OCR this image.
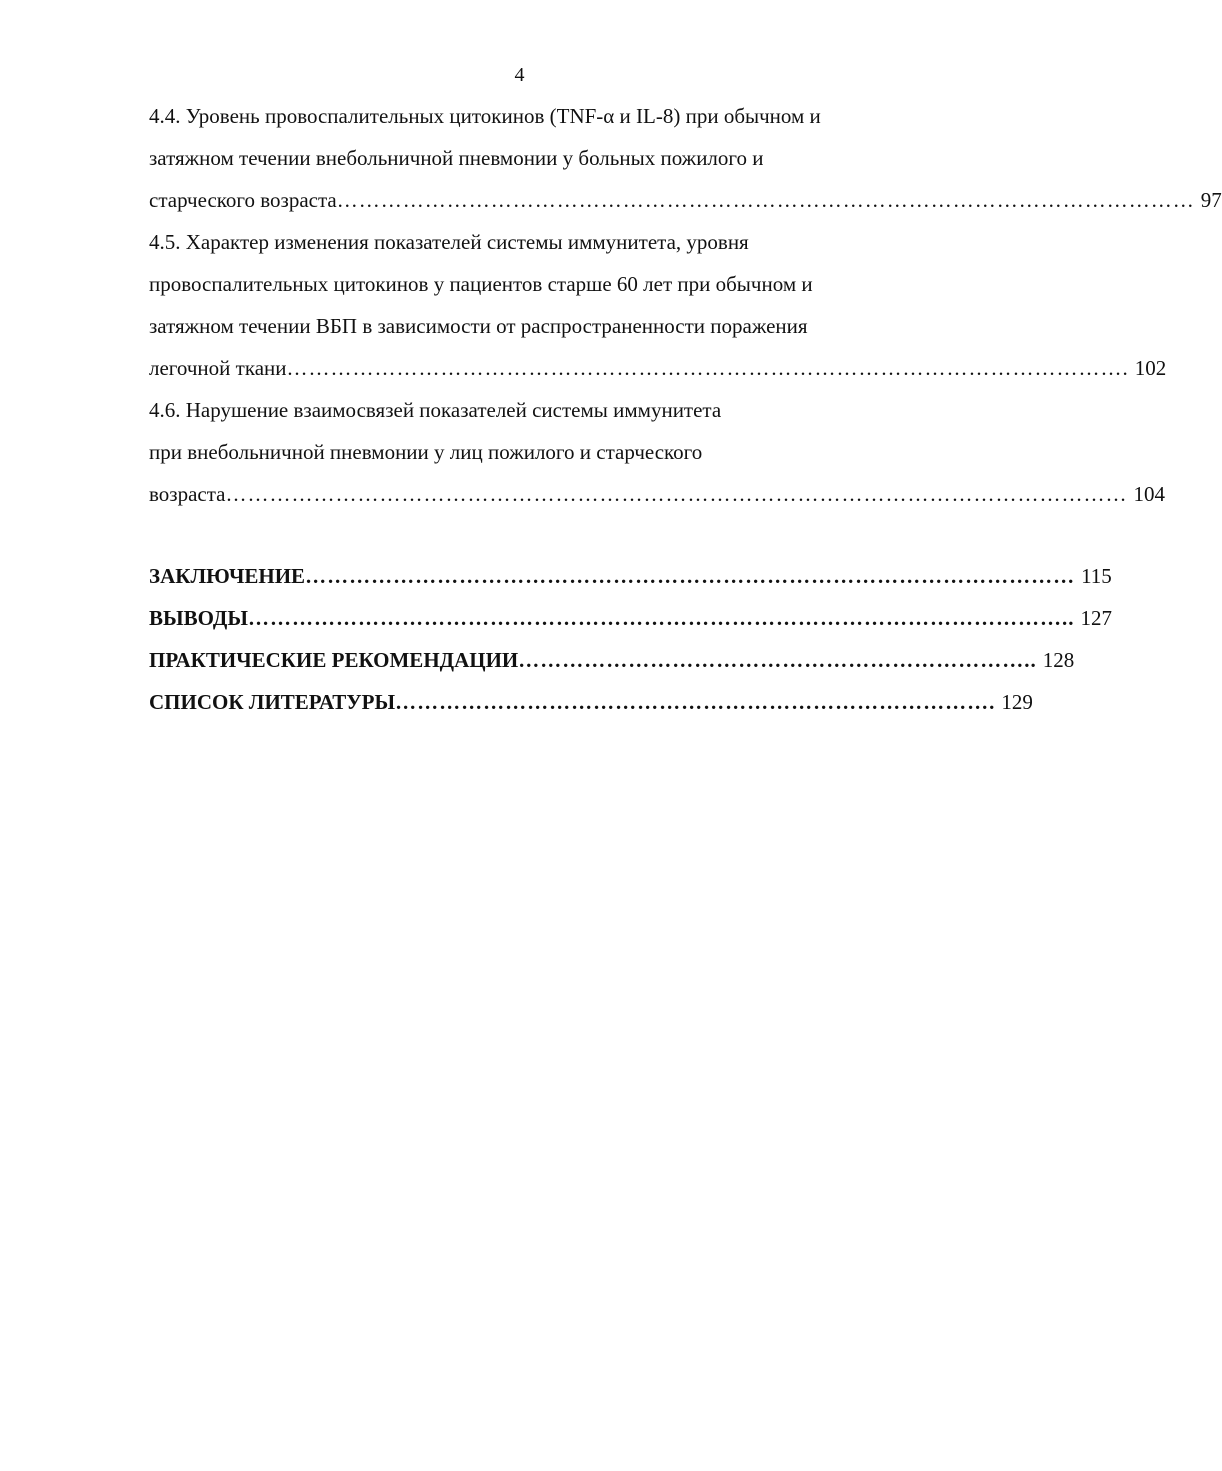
4
4.4. Уровень провоспалительных цитокинов (TNF-α и IL-8) при обычном и
затяжном течении внебольничной пневмонии у больных пожилого и
старческого возраста ……………………………………………………………………………………………………… 97
4.5. Характер изменения показателей системы иммунитета, уровня
провоспалительных цитокинов у пациентов старше 60 лет при обычном и
затяжном течении ВБП в зависимости от распространенности поражения
легочной ткани ……………………………………………………………………………………………………. 102
4.6. Нарушение взаимосвязей показателей системы иммунитета
при внебольничной пневмонии у лиц пожилого и старческого
возраста …………………………………………………………………………………………………………… 104
ЗАКЛЮЧЕНИЕ …………………………………………………………………………………………… 115
ВЫВОДЫ ………………………………………………………………………………………………….. 127
ПРАКТИЧЕСКИЕ РЕКОМЕНДАЦИИ …………………………………………………………….. 128
СПИСОК ЛИТЕРАТУРЫ ………………………………………………………………………. 129
